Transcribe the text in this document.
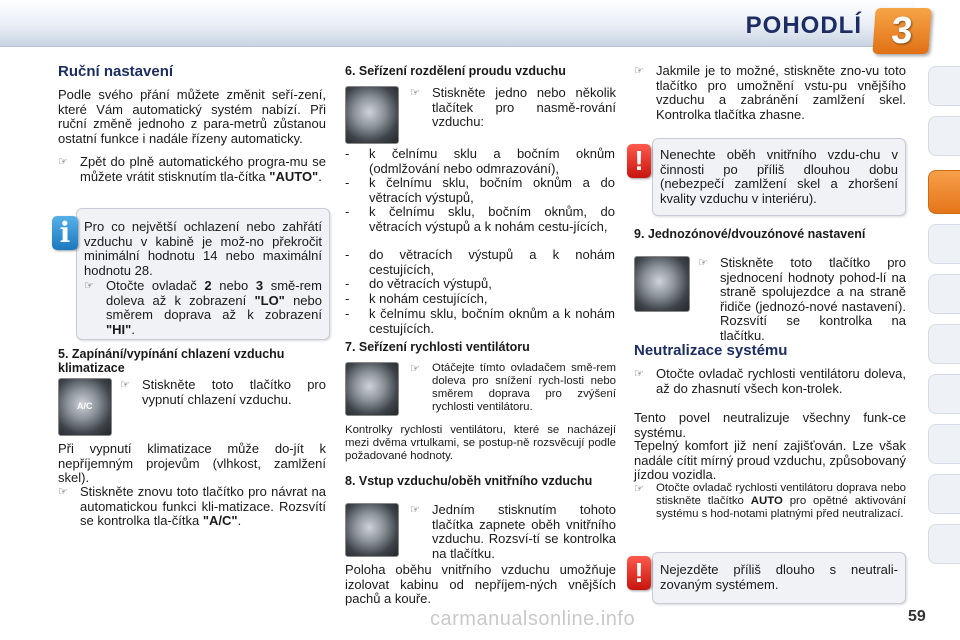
POHODLÍ 3
Ruční nastavení

Podle svého přání můžete změnit seří-zení, které Vám automatický systém nabízí. Při ruční změně jednoho z para-metrů zůstanou ostatní funkce i nadále řízeny automaticky.

☞ Zpět do plně automatického progra-mu se můžete vrátit stisknutím tla-čítka "AUTO".

Pro co největší ochlazení nebo zahřátí vzduchu v kabině je mož-no překročit minimální hodnotu 14 nebo maximální hodnotu 28.

☞ Otočte ovladač 2 nebo 3 smě-rem doleva až k zobrazení "LO" nebo směrem doprava až k zobrazení "HI".

i
5. Zapínání/vypínání chlazení vzduchu klimatizace
A/C
☞ Stiskněte toto tlačítko pro vypnutí chlazení vzduchu.

Při vypnutí klimatizace může do-jít k nepříjemným projevům (vlhkost, zamlžení skel).

☞ Stiskněte znovu toto tlačítko pro návrat na automatickou funkci kli-matizace. Rozsvítí se kontrolka tla-čítka "A/C".

6. Seřízení rozdělení proudu vzduchu
☞ Stiskněte jedno nebo několik tlačítek pro nasmě-rování vzduchu:

- k čelnímu sklu a bočním oknům (odmlžování nebo odmrazování),

- k čelnímu sklu, bočním oknům a do větracích výstupů,

- k čelnímu sklu, bočním oknům, do větracích výstupů a k nohám cestu-jících,

- do větracích výstupů a k nohám cestujících,

- do větracích výstupů,

- k nohám cestujících,

- k čelnímu sklu, bočním oknům a k nohám cestujících.

7. Seřízení rychlosti ventilátoru
☞ Otáčejte tímto ovladačem smě-rem doleva pro snížení rych-losti nebo směrem doprava pro zvýšení rychlosti ventilátoru.

Kontrolky rychlosti ventilátoru, které se nacházejí mezi dvěma vrtulkami, se postup-ně rozsvěcují podle požadované hodnoty.

8. Vstup vzduchu/oběh vnitřního vzduchu
☞ Jedním stisknutím tohoto tlačítka zapnete oběh vnitřního vzduchu. Rozsví-tí se kontrolka na tlačítku.

Poloha oběhu vnitřního vzduchu umožňuje izolovat kabinu od nepříjem-ných vnějších pachů a kouře.

☞ Jakmile je to možné, stiskněte zno-vu toto tlačítko pro umožnění vstu-pu vnějšího vzduchu a zabránění zamlžení skel. Kontrolka tlačítka zhasne.

Nenechte oběh vnitřního vzdu-chu v činnosti po příliš dlouhou dobu (nebezpečí zamlžení skel a zhoršení kvality vzduchu v interiéru).

!
9. Jednozónové/dvouzónové nastavení
☞ Stiskněte toto tlačítko pro sjednocení hodnoty pohod-lí na straně spolujezdce a na straně řidiče (jednozó-nové nastavení). Rozsvítí se kontrolka na tlačítku.

Neutralizace systému
☞ Otočte ovladač rychlosti ventilátoru doleva, až do zhasnutí všech kon-trolek.

Tento povel neutralizuje všechny funk-ce systému.

Tepelný komfort již není zajišťován. Lze však nadále cítit mírný proud vzduchu, způsobovaný jízdou vozidla.

☞ Otočte ovladač rychlosti ventilátoru doprava nebo stiskněte tlačítko AUTO pro opětné aktivování systému s hod-notami platnými před neutralizací.

Nejezděte příliš dlouho s neutrali-zovaným systémem.

!
carmanualsonline.info	59
